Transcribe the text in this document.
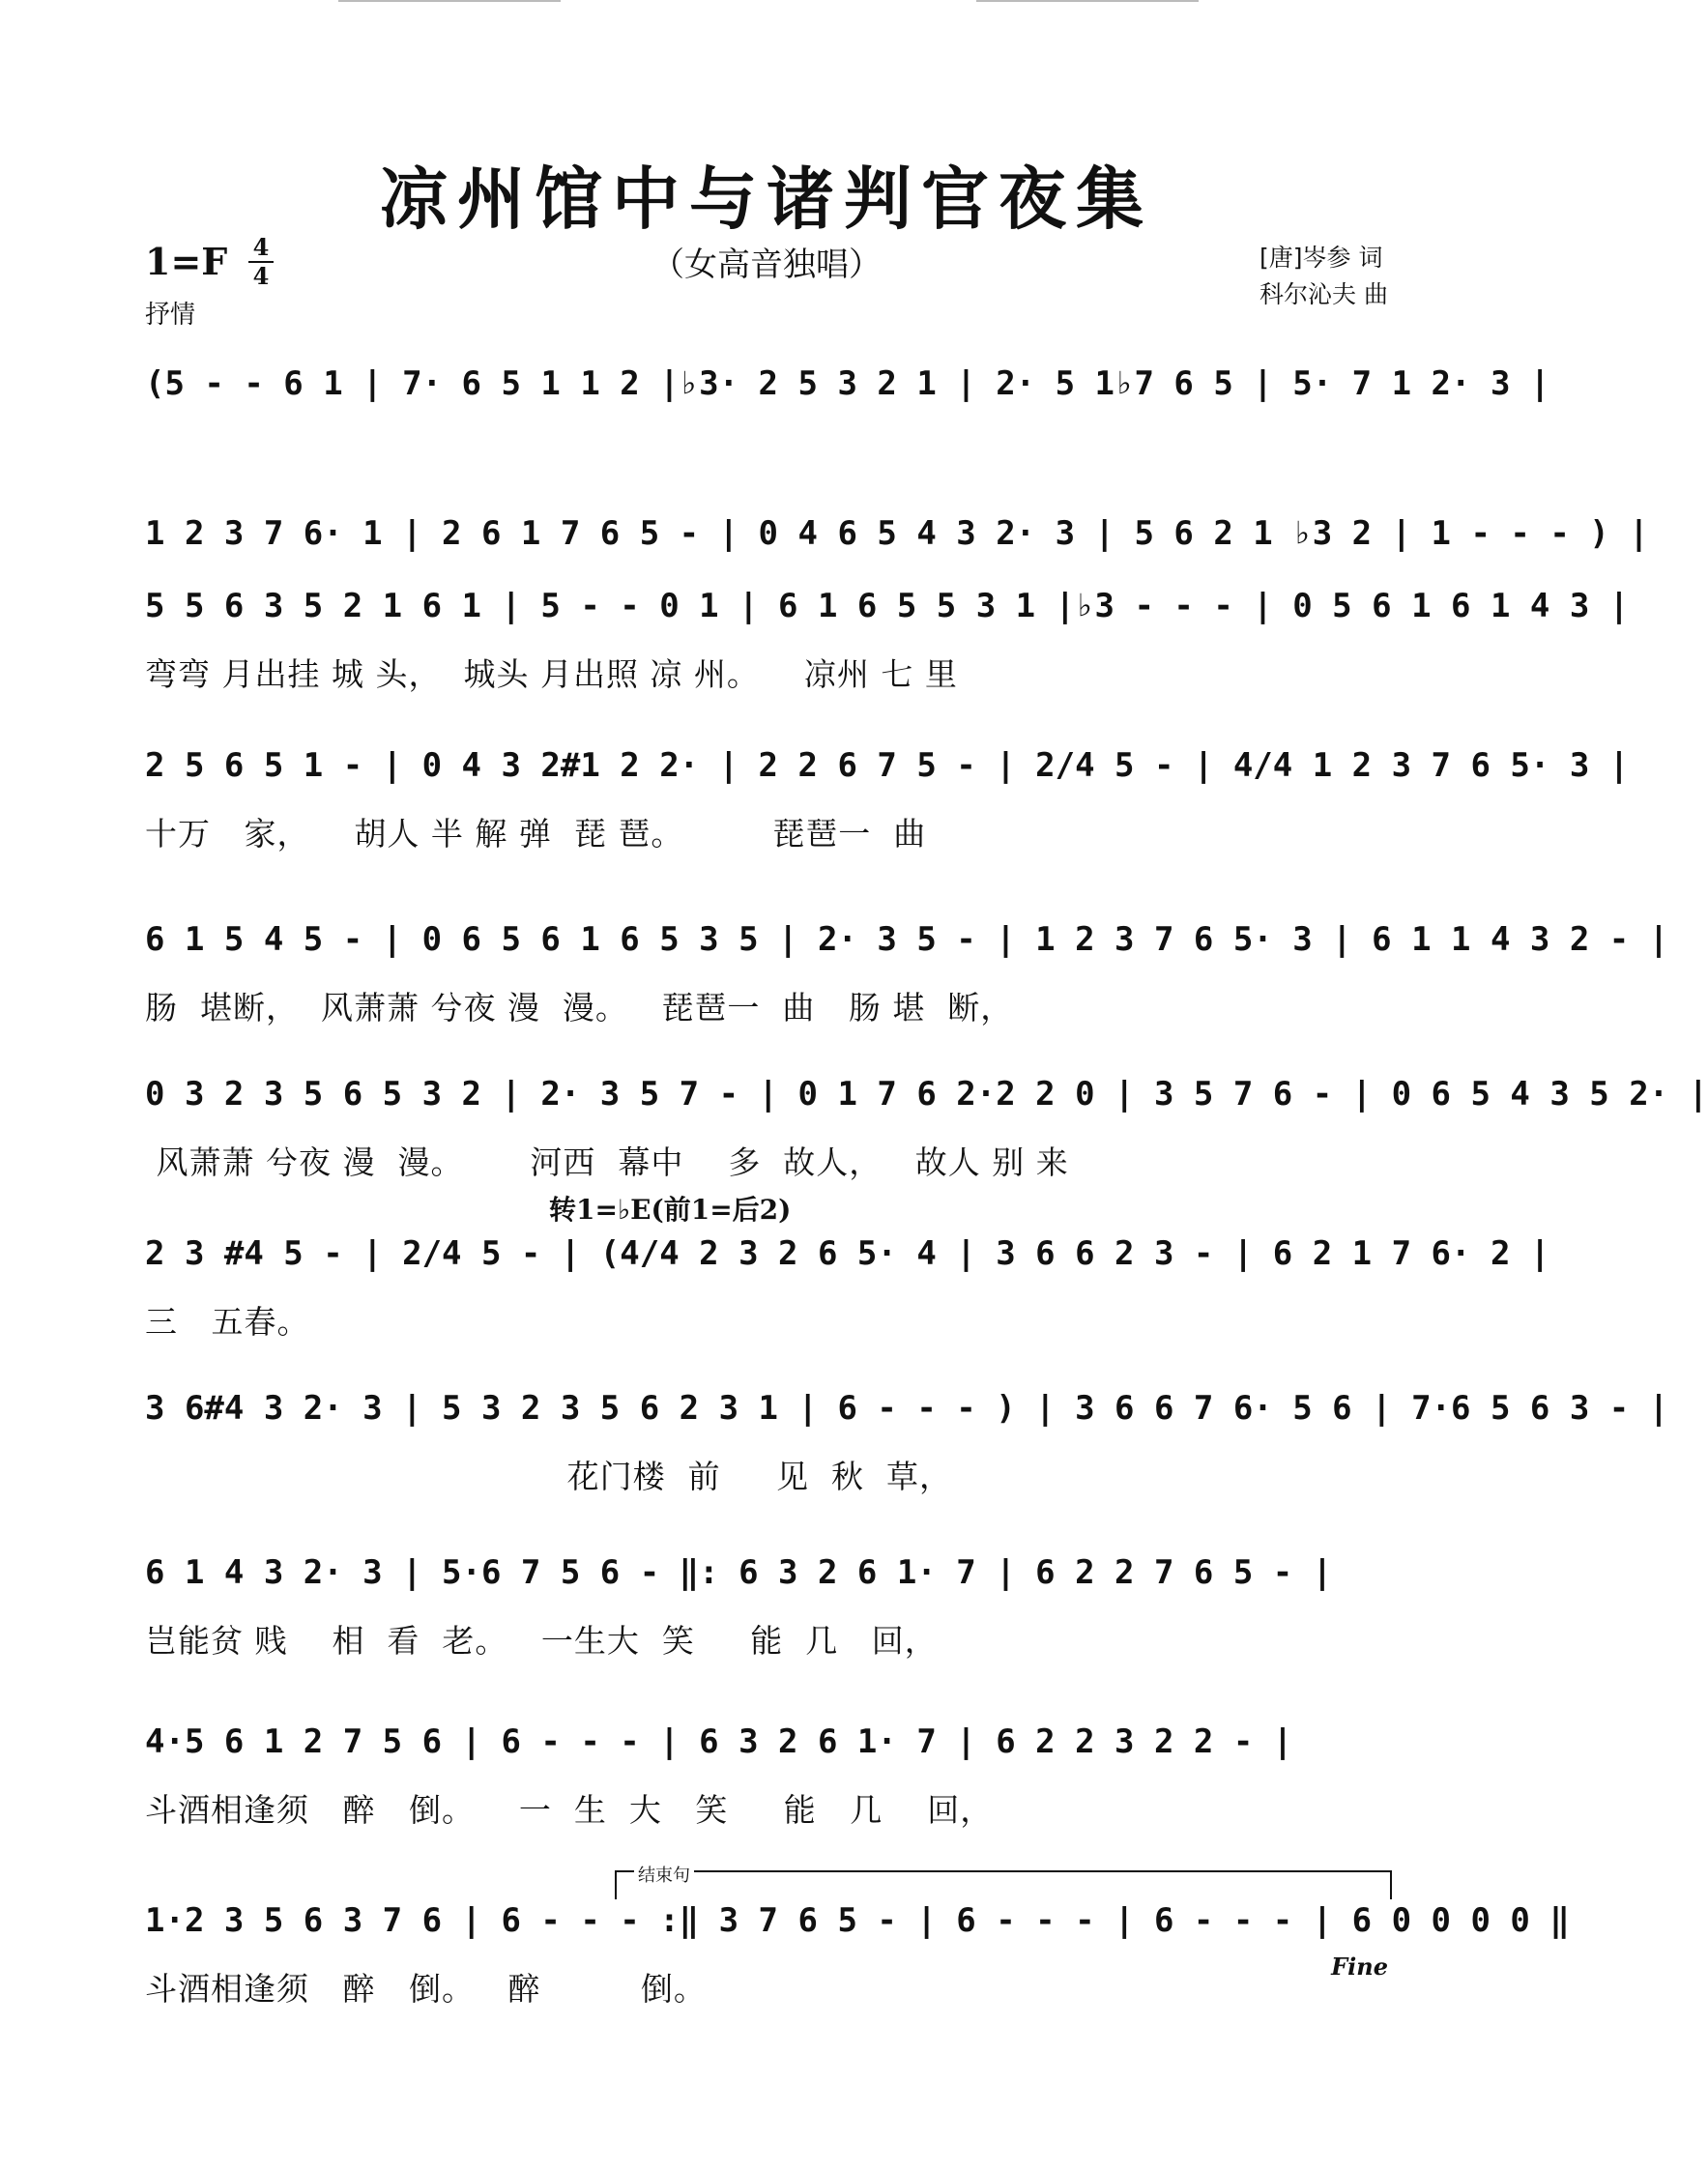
凉州馆中与诸判官夜集
（女高音独唱）
1=F 4
4
抒情
[唐]岑参 词
科尔沁夫 曲
(5 - - 6 1 | 7· 6 5 1 1 2 |♭3· 2 5 3 2 1 | 2· 5 1♭7 6 5 | 5· 7 1 2· 3 |
1 2 3 7 6· 1 | 2 6 1 7 6 5 - | 0 4 6 5 4 3 2· 3 | 5 6 2 1 ♭3 2 | 1 - - - ) |
5 5 6 3 5 2 1 6 1 | 5 - - 0 1 | 6 1 6 5 5 3 1 |♭3 - - - | 0 5 6 1 6 1 4 3 |
弯弯 月出挂 城 头，  城头 月出照 凉 州。    凉州 七 里
2 5 6 5 1 - | 0 4 3 2#1 2 2· | 2 2 6 7 5 - | 2/4 5 - | 4/4 1 2 3 7 6 5· 3 |
十万   家，    胡人 半 解 弹  琵 琶。        琵琶一  曲
6 1 5 4 5 - | 0 6 5 6 1 6 5 3 5 | 2· 3 5 - | 1 2 3 7 6 5· 3 | 6 1 1 4 3 2 - |
肠  堪断，  风萧萧 兮夜 漫  漫。   琵琶一  曲   肠 堪  断，
0 3 2 3 5 6 5 3 2 | 2· 3 5 7 - | 0 1 7 6 2·2 2 0 | 3 5 7 6 - | 0 6 5 4 3 5 2· |
风萧萧 兮夜 漫  漫。      河西  幕中    多  故人，   故人 别 来
转1=♭E(前1=后2)
2 3 #4 5 - | 2/4 5 - | (4/4 2 3 2 6 5· 4 | 3 6 6 2 3 - | 6 2 1 7 6· 2 |
三   五春。
3 6#4 3 2· 3 | 5 3 2 3 5 6 2 3 1 | 6 - - - ) | 3 6 6 7 6· 5 6 | 7·6 5 6 3 - |
花门楼  前     见  秋  草，
6 1 4 3 2· 3 | 5·6 7 5 6 - ‖: 6 3 2 6 1· 7 | 6 2 2 7 6 5 - |
岂能贫 贱    相  看  老。   一生大  笑     能  几   回，
4·5 6 1 2 7 5 6 | 6 - - - | 6 3 2 6 1· 7 | 6 2 2 3 2 2 - |
斗酒相逢须   醉   倒。    一  生  大   笑     能   几    回，
结束句
1·2 3 5 6 3 7 6 | 6 - - - :‖ 3 7 6 5 - | 6 - - - | 6 - - - | 6 0 0 0 0 ‖
斗酒相逢须   醉   倒。   醉         倒。
Fine
